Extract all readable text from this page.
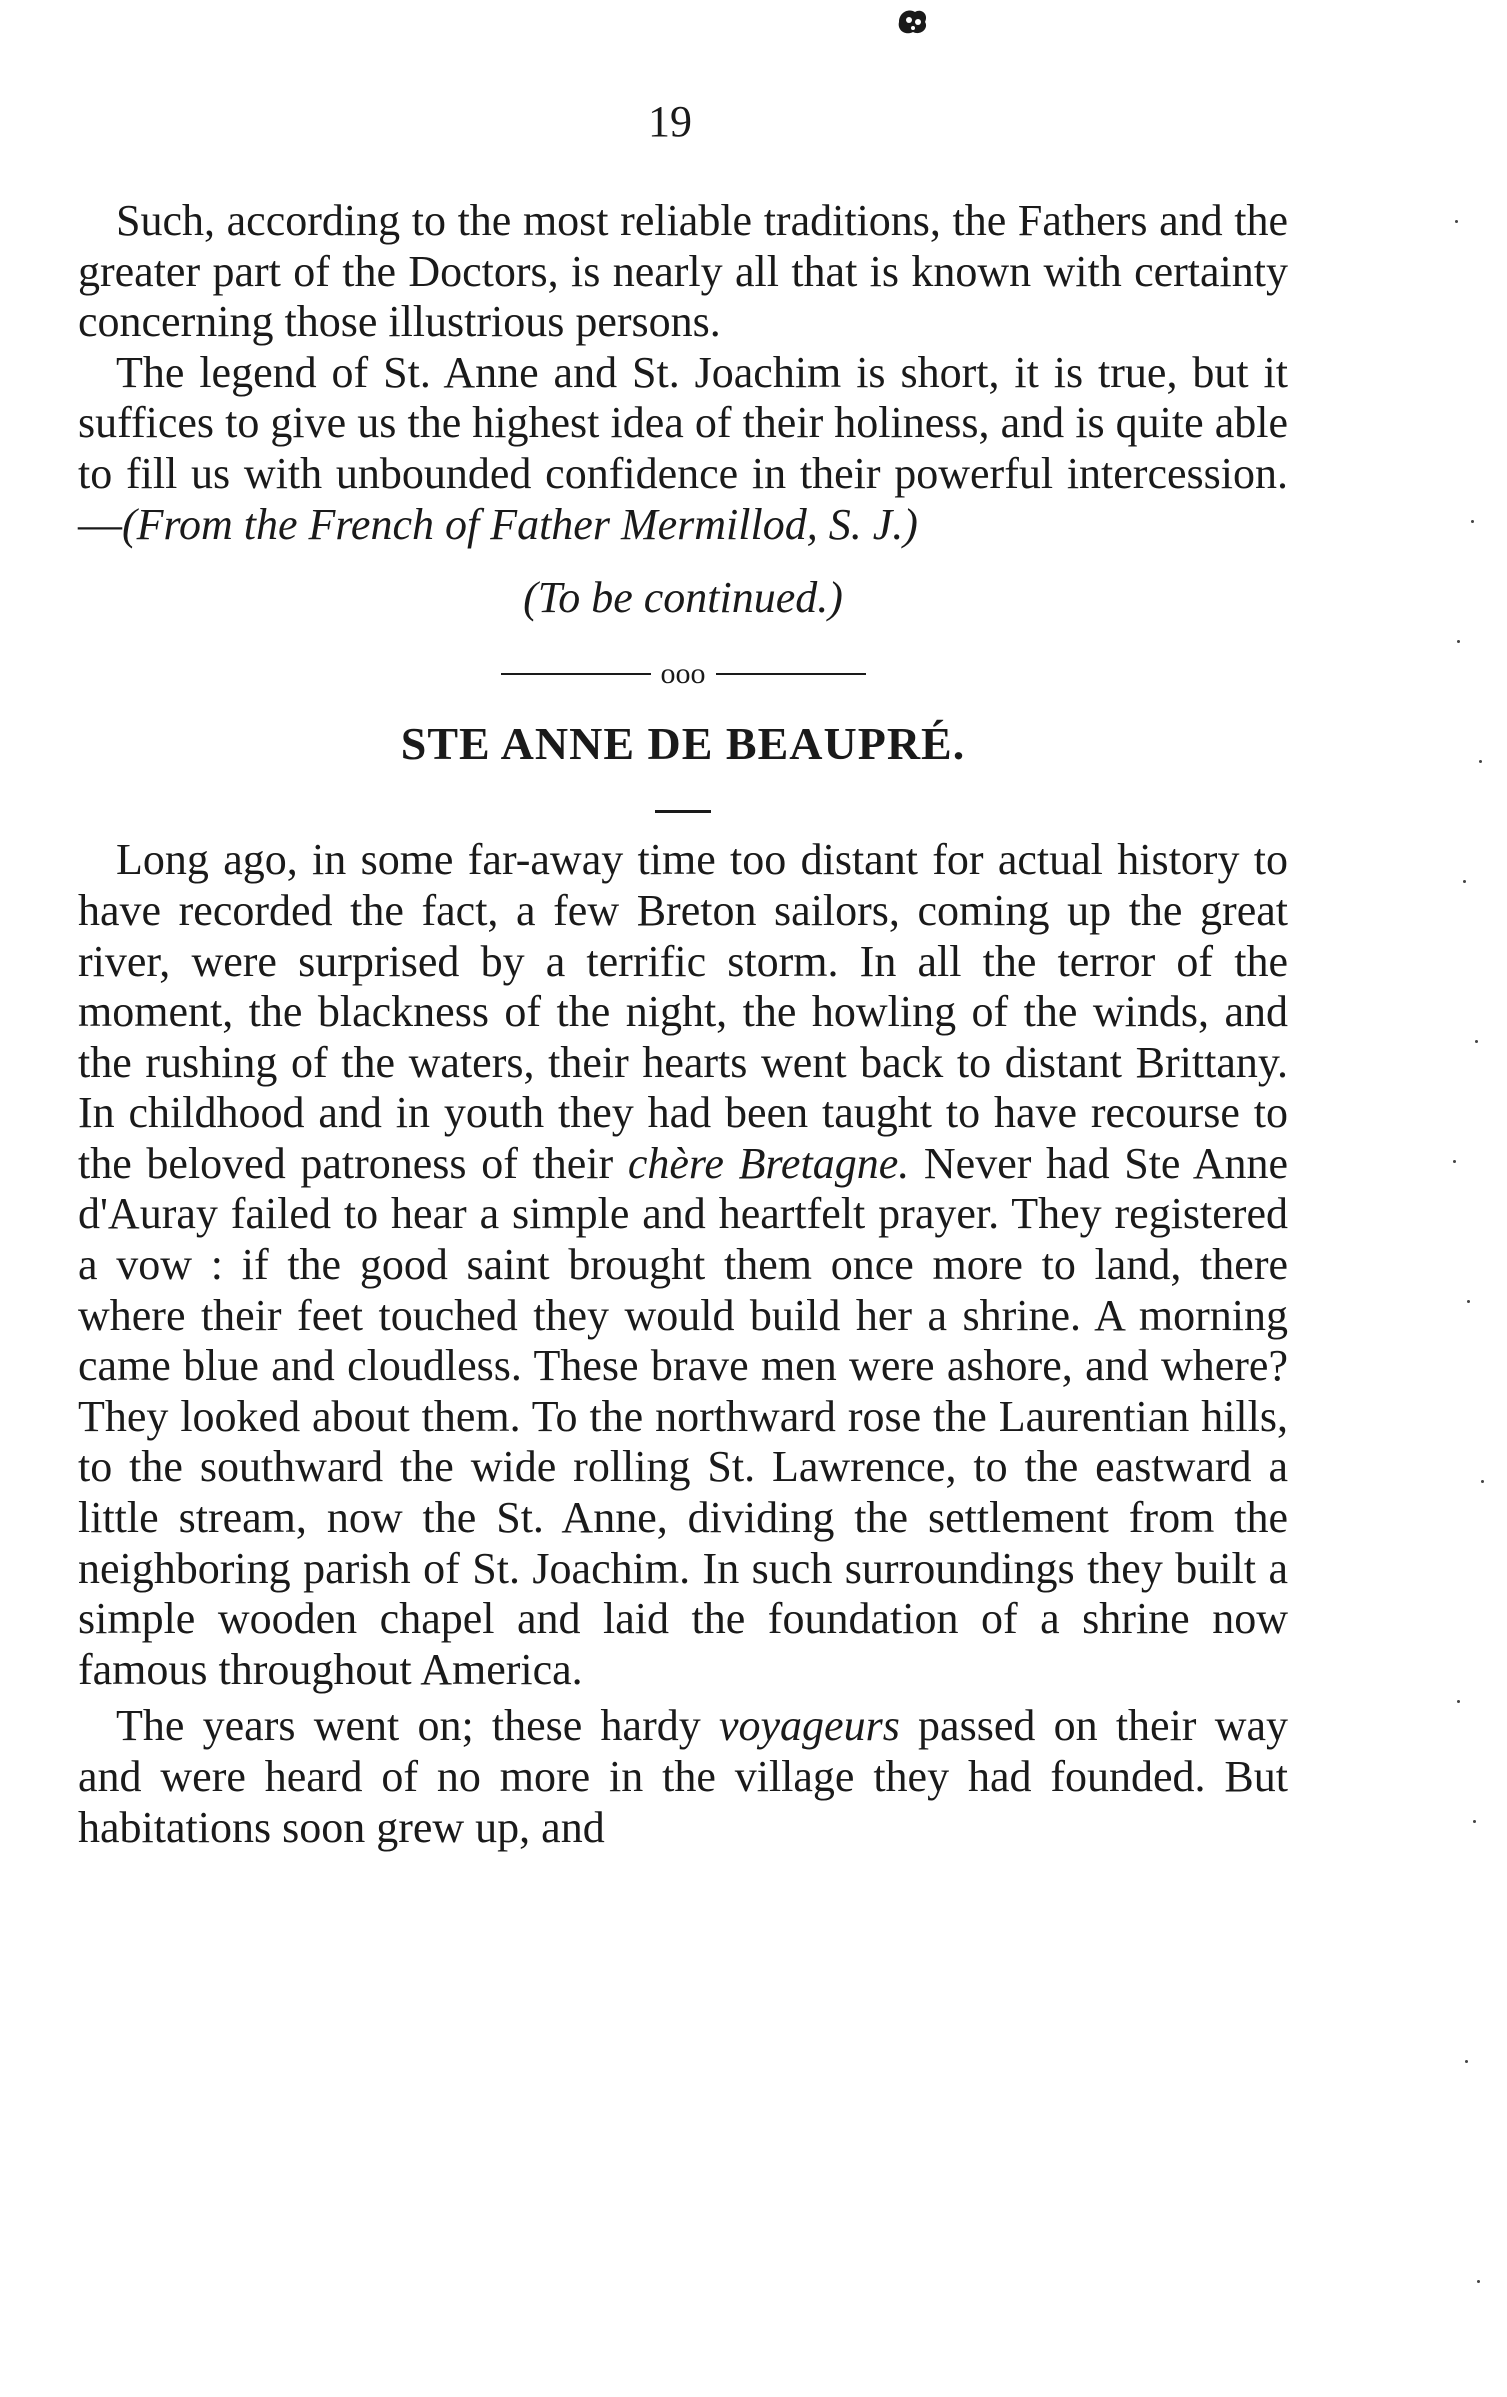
19

Such, according to the most reliable traditions, the Fathers and the greater part of the Doctors, is nearly all that is known with certainty concerning those illustrious persons.

The legend of St. Anne and St. Joachim is short, it is true, but it suffices to give us the highest idea of their holiness, and is quite able to fill us with unbounded confidence in their powerful intercession.—(From the French of Father Mermillod, S. J.)

(To be continued.)

ooo
STE ANNE DE BEAUPRÉ.

Long ago, in some far-away time too distant for actual history to have recorded the fact, a few Breton sailors, coming up the great river, were surprised by a terrific storm. In all the terror of the moment, the blackness of the night, the howling of the winds, and the rushing of the waters, their hearts went back to distant Brittany. In childhood and in youth they had been taught to have recourse to the beloved patroness of their chère Bretagne. Never had Ste Anne d'Auray failed to hear a simple and heartfelt prayer. They registered a vow : if the good saint brought them once more to land, there where their feet touched they would build her a shrine. A morning came blue and cloudless. These brave men were ashore, and where? They looked about them. To the northward rose the Laurentian hills, to the southward the wide rolling St. Lawrence, to the eastward a little stream, now the St. Anne, dividing the settlement from the neighboring parish of St. Joachim. In such surroundings they built a simple wooden chapel and laid the foundation of a shrine now famous throughout America.

The years went on; these hardy voyageurs passed on their way and were heard of no more in the village they had founded. But habitations soon grew up, and
